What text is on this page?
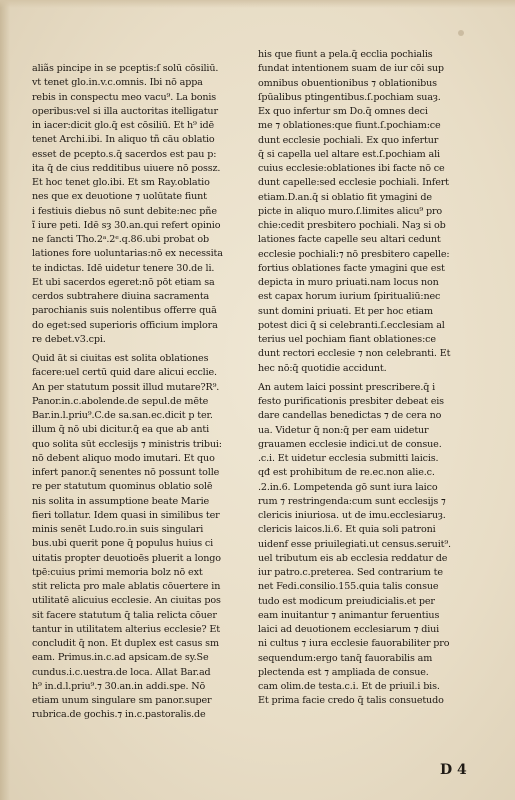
aliãs pincipe in se pceptis:ſ solū cōsiliū.
vt tenet glo.in.v.c.omnis. Ibi nō appa
rebis in conspectu meo vacu⁹. La bonis
operibus:vel si illa auctoritas itelligatur
in iacer:dicit glo.q̄ est cōsiliū. Et h⁹ idē
tenet Archi.ibi. In aliquo tñ cāu oblatio
esset de pcepto.s.q̄ sacerdos est pau p:
ita q̄ de cius redditibus uiuere nō possz.
Et hoc tenet glo.ibi. Et sm Ray.oblatio
nes que ex deuotione ⁊ uolūtate fiunt
i festiuis diebus nō sunt debite:nec pñe
ĩ iure peti. Idē sȝ 30.an.qui refert opinio
ne ſancti Tho.2ᵃ.2ᵉ.q.86.ubi probat ob
lationes fore uoluntarias:nō ex necessita
te indictas. Idē uidetur tenere 30.de li.
Et ubi sacerdos egeret:nō pōt etiam sa
cerdos subtrahere diuina sacramenta
parochianis suis nolentibus offerre quā
do eget:sed superioris officium implora
re debet.v3.cpi.
Quid āt si ciuitas est solita oblationes
facere:uel certū quid dare alicui ecclie.
An per statutum possit illud mutare?R⁹.
Panor.in.c.abolende.de sepul.de mēte
Bar.in.l.priu⁹.C.de sa.san.ec.dicit p ter.
illum q̄ nō ubi dicitur.q̄ ea que ab anti
quo solita sūt ecclesijs ⁊ ministris tribui:
nō debent aliquo modo imutari. Et quo
infert panor.q̄ senentes nō possunt tolle
re per statutum quominus oblatio solē
nis solita in assumptione beate Marie
fieri tollatur. Idem quasi in similibus ter
minis senēt Ludo.ro.in suis singulari
bus.ubi querit pone q̄ populus huius ci
uitatis propter deuotioēs pluerit a longo
tpē:cuius primi memoria bolz nō ext
stit relicta pro male ablatis cōuertere in
utilitatē alicuius ecclesie. An ciuitas pos
sit facere statutum q̄ talia relicta cōuer
tantur in utilitatem alterius ecclesie? Et
concludit q̄ non. Et duplex est casus sm
eam. Primus.in.c.ad apsicam.de sy.Se
cundus.i.c.uestra.de loca. Allat Bar.ad
h⁹ in.d.l.priu⁹.⁊ 30.an.in addi.spe. Nō
etiam unum singulare sm panor.super
rubrica.de gochis.⁊ in.c.pastoralis.de
his que fiunt a pela.q̄ ecclia pochialis
fundat intentionem suam de iur cōi sup
omnibus obuentionibus ⁊ oblationibus
ſpūalibus ptingentibus.ſ.pochiam suaȝ.
Ex quo infertur sm Do.q̄ omnes deci
me ⁊ oblationes:que fiunt.ſ.pochiam:ce
dunt ecclesie pochiali. Ex quo infertur
q̄ si capella uel altare est.ſ.pochiam ali
cuius ecclesie:oblationes ibi facte nō ce
dunt capelle:sed ecclesie pochiali. Infert
etiam.D.an.q̄ si oblatio fit ymagini de
picte in aliquo muro.ſ.limites alicu⁹ pro
chie:cedit presbitero pochiali. Naȝ si ob
lationes facte capelle seu altari cedunt
ecclesie pochiali:⁊ nō presbitero capelle:
fortius oblationes facte ymagini que est
depicta in muro priuati.nam locus non
est capax horum iurium ſpiritualiū:nec
sunt domini priuati. Et per hoc etiam
potest dici q̄ si celebranti.ſ.ecclesiam al
terius uel pochiam fiant oblationes:ce
dunt rectori ecclesie ⁊ non celebranti. Et
hec nō:q̄ quotidie accidunt.
An autem laici possint prescribere.q̄ i
festo purificationis presbiter debeat eis
dare candellas benedictas ⁊ de cera no
ua. Videtur q̄ non:q̄ per eam uidetur
grauamen ecclesie indici.ut de consue.
.c.i. Et uidetur ecclesia submitti laicis.
qđ est prohibitum de re.ec.non alie.c.
.2.in.6. Lompetenda gō sunt iura laico
rum ⁊ restringenda:cum sunt ecclesijs ⁊
clericis iniuriosa. ut de imu.ecclesiaruȝ.
clericis laicos.li.6. Et quia soli patroni
uidenf esse priuilegiati.ut census.seruit⁹.
uel tributum eis ab ecclesia reddatur de
iur patro.c.preterea. Sed contrarium te
net Fedi.consilio.155.quia talis consue
tudo est modicum preiudicialis.et per
eam inuitantur ⁊ animantur feruentius
laici ad deuotionem ecclesiarum ⁊ diui
ni cultus ⁊ iura ecclesie fauorabiliter pro
sequendum:ergo tanq̄ fauorabilis am
plectenda est ⁊ ampliada de consue.
cam olim.de testa.c.i. Et de priuil.i bis.
Et prima facie credo q̄ talis consuetudo
D 4
